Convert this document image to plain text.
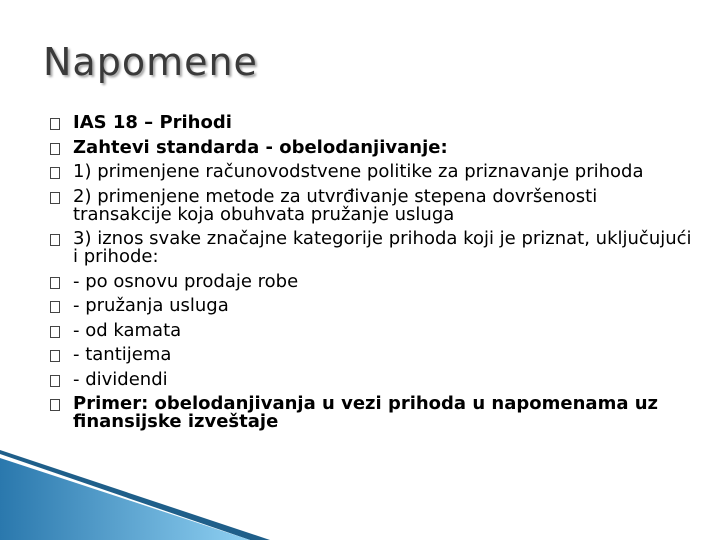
Napomene
IAS 18 – Prihodi
Zahtevi standarda - obelodanjivanje:
1) primenjene računovodstvene politike za priznavanje prihoda
2) primenjene metode za utvrđivanje stepena dovršenosti transakcije koja obuhvata pružanje usluga
3) iznos svake značajne kategorije prihoda koji je priznat, uključujući i prihode:
- po osnovu prodaje robe
- pružanja usluga
- od kamata
- tantijema
- dividendi
Primer: obelodanjivanja u vezi prihoda u napomenama uz finansijske izveštaje
